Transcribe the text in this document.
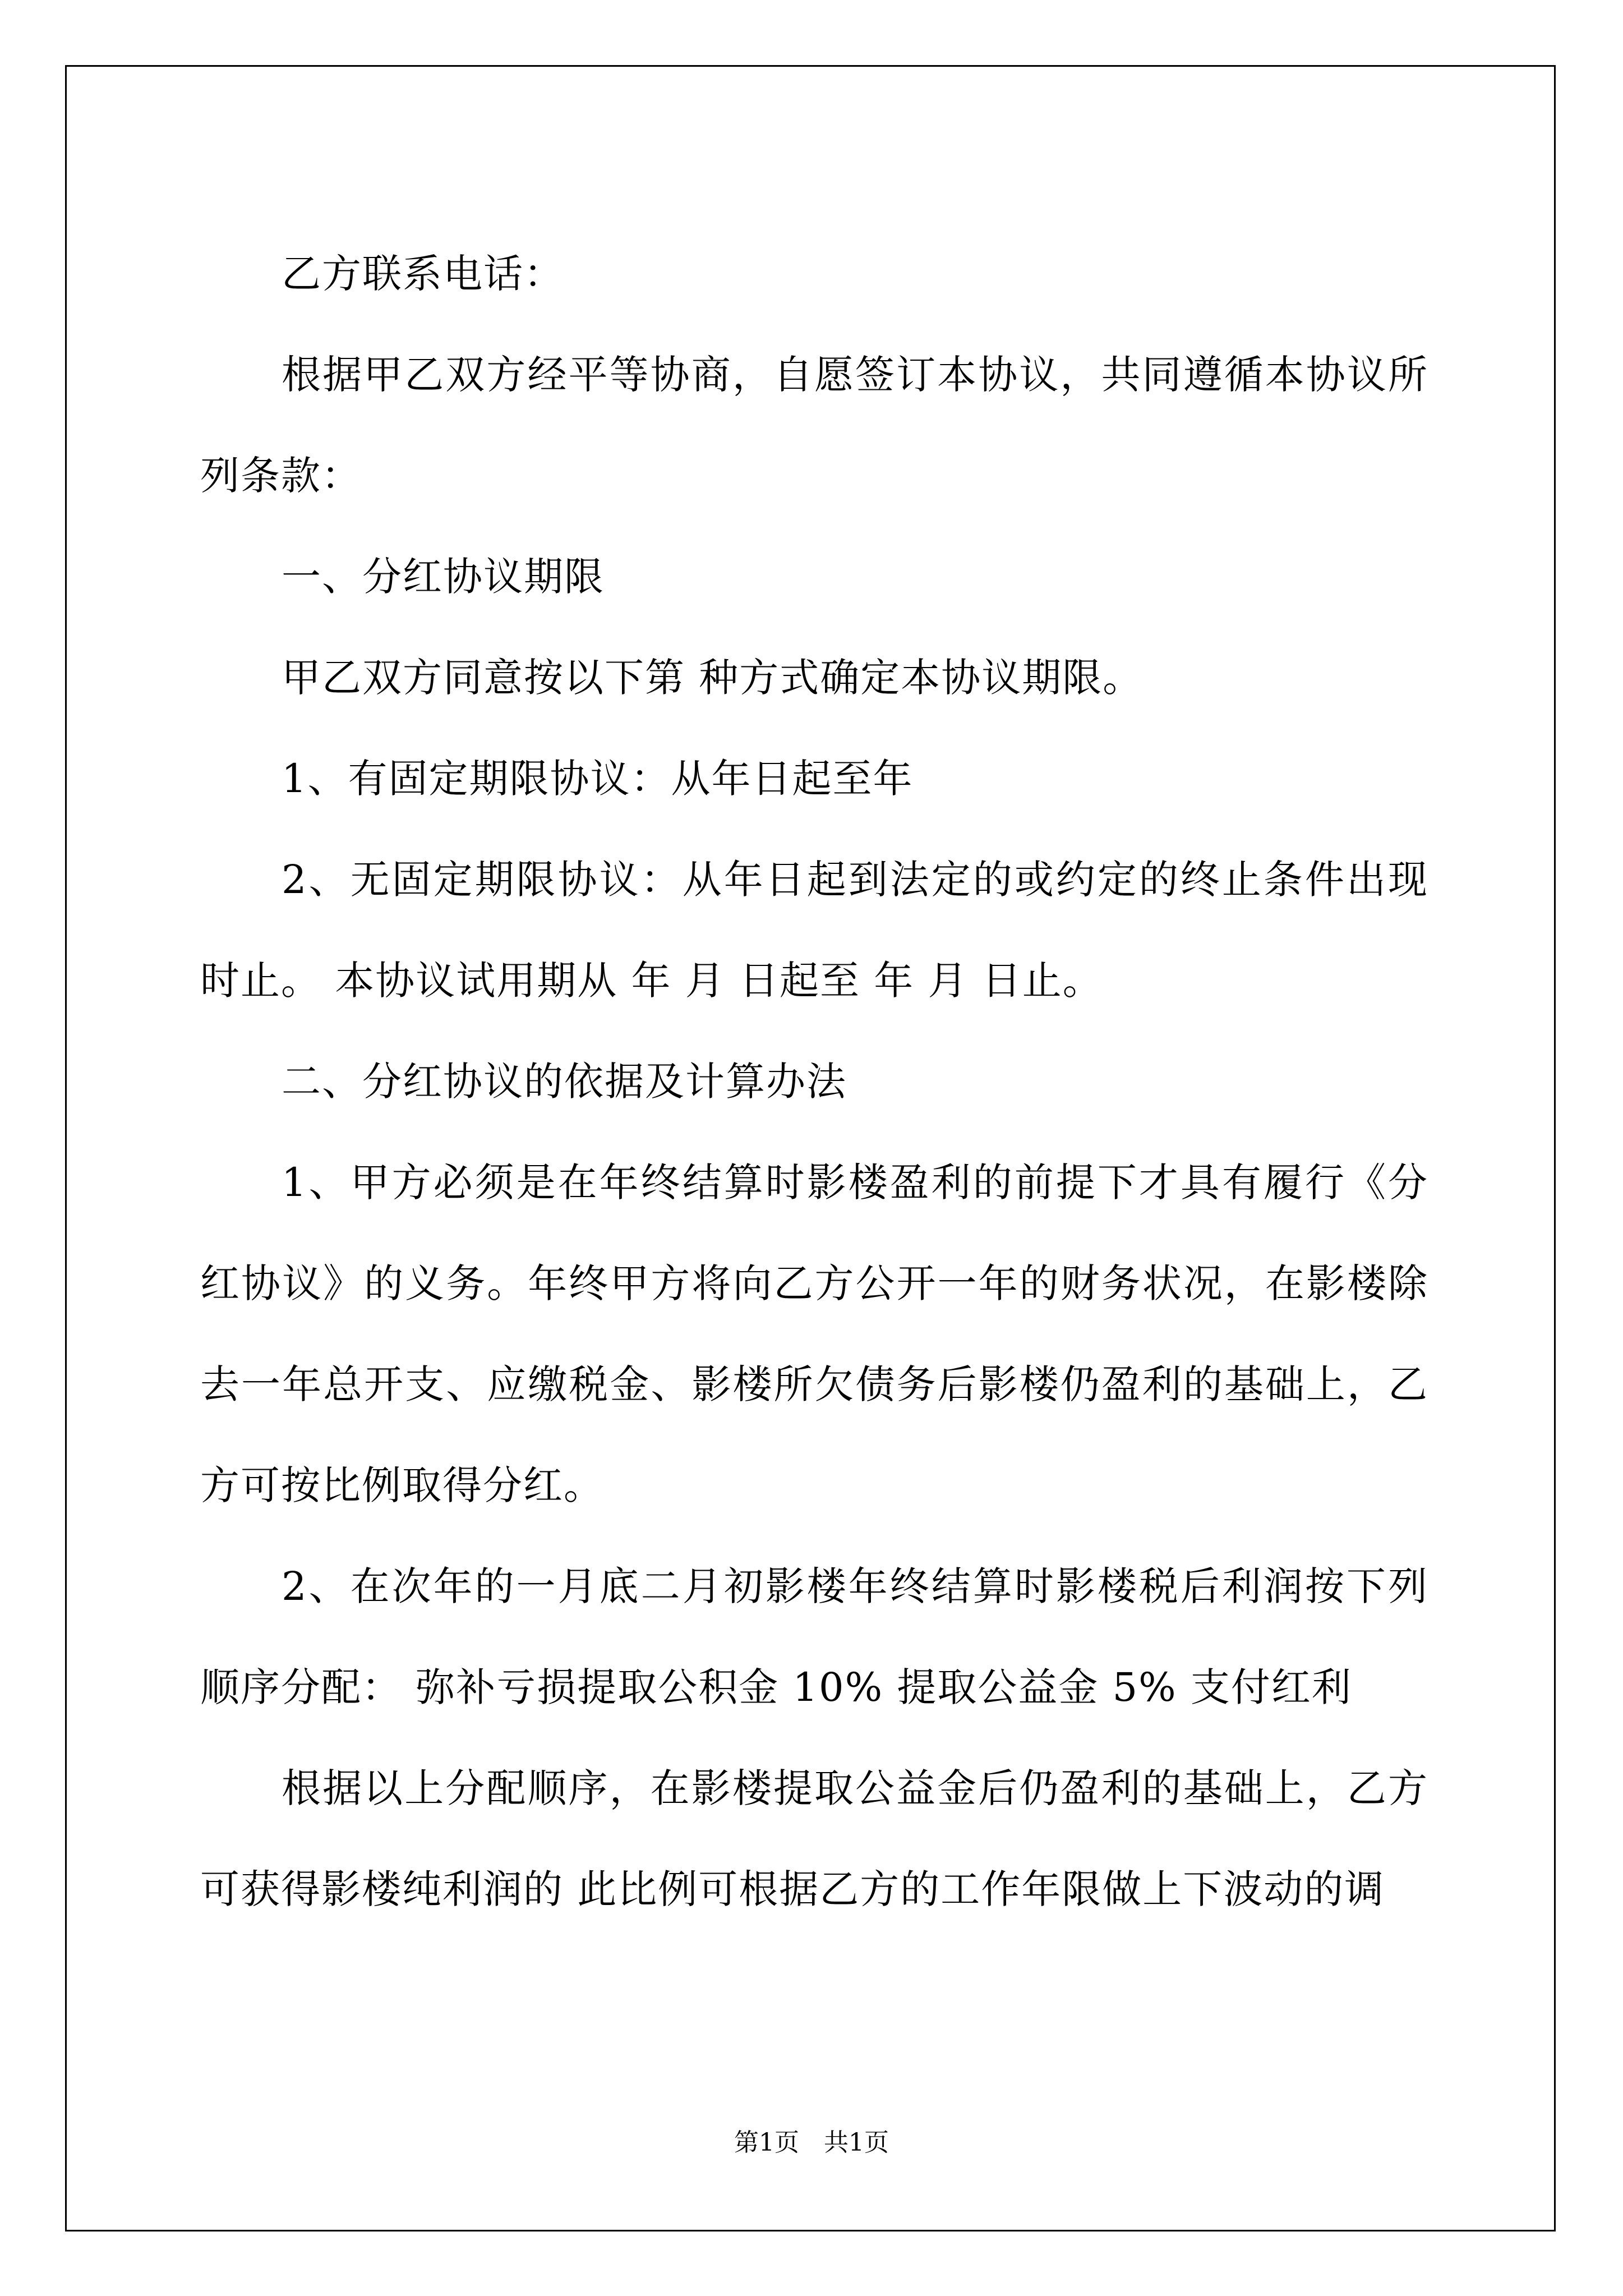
乙方联系电话：

根据甲乙双方经平等协商，自愿签订本协议，共同遵循本协议所列条款：

一、分红协议期限

甲乙双方同意按以下第 种方式确定本协议期限。

1、有固定期限协议：从年日起至年

2、无固定期限协议：从年日起到法定的或约定的终止条件出现时止。 本协议试用期从 年 月 日起至 年 月 日止。

二、分红协议的依据及计算办法

1、甲方必须是在年终结算时影楼盈利的前提下才具有履行《分红协议》的义务。年终甲方将向乙方公开一年的财务状况，在影楼除去一年总开支、应缴税金、影楼所欠债务后影楼仍盈利的基础上，乙方可按比例取得分红。

2、在次年的一月底二月初影楼年终结算时影楼税后利润按下列顺序分配： 弥补亏损提取公积金 10% 提取公益金 5% 支付红利

根据以上分配顺序，在影楼提取公益金后仍盈利的基础上，乙方可获得影楼纯利润的 此比例可根据乙方的工作年限做上下波动的调

第1页　共1页
